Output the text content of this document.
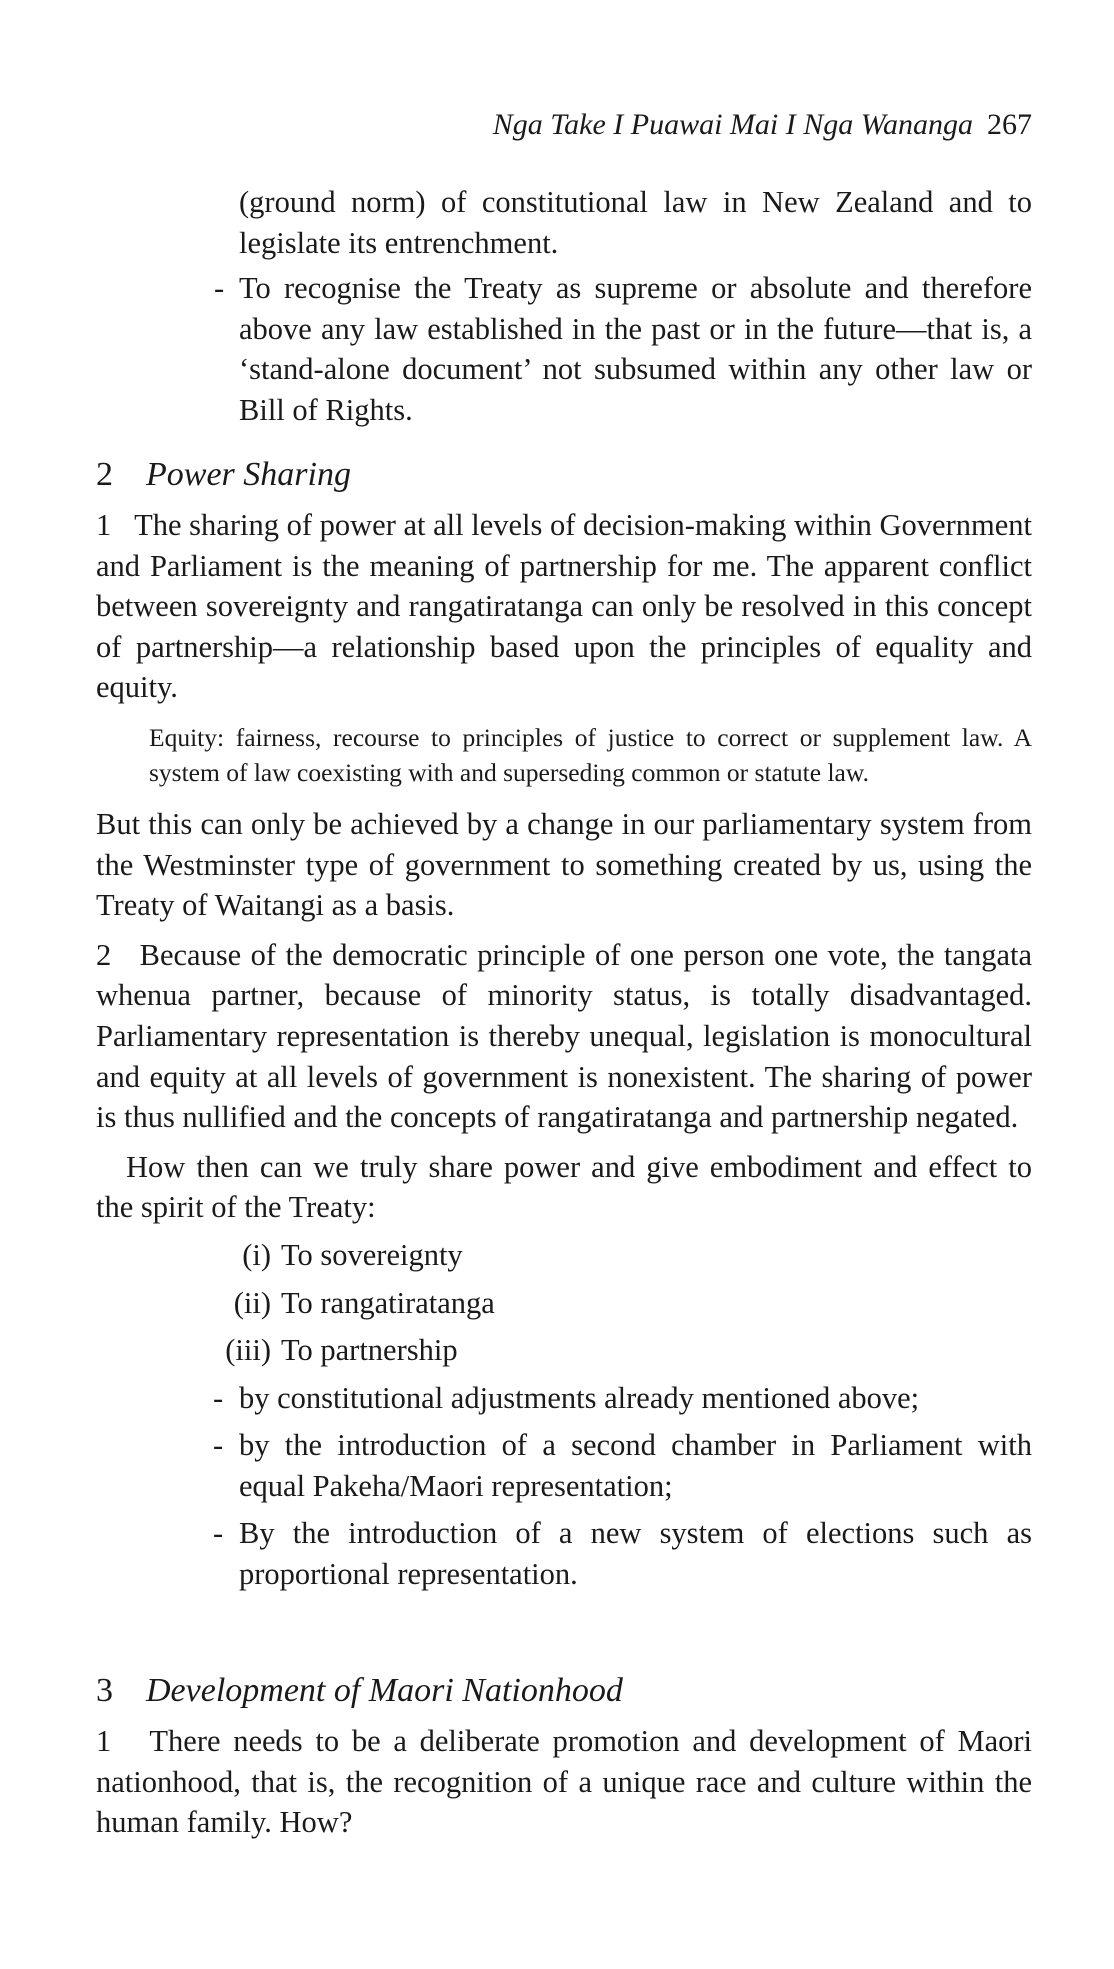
Nga Take I Puawai Mai I Nga Wananga 267

(ground norm) of constitutional law in New Zealand and to legislate its entrenchment.

- To recognise the Treaty as supreme or absolute and therefore above any law established in the past or in the future—that is, a ‘stand-alone document’ not subsumed within any other law or Bill of Rights.

2 Power Sharing

1 The sharing of power at all levels of decision-making within Government and Parliament is the meaning of partnership for me. The apparent conflict between sovereignty and rangatiratanga can only be resolved in this concept of partnership—a relationship based upon the principles of equality and equity.

Equity: fairness, recourse to principles of justice to correct or supplement law. A system of law coexisting with and superseding common or statute law.

But this can only be achieved by a change in our parliamentary system from the Westminster type of government to something created by us, using the Treaty of Waitangi as a basis.

2 Because of the democratic principle of one person one vote, the tangata whenua partner, because of minority status, is totally disadvantaged. Parliamentary representation is thereby unequal, legislation is monocultural and equity at all levels of government is nonexistent. The sharing of power is thus nullified and the concepts of rangatiratanga and partnership negated.

How then can we truly share power and give embodiment and effect to the spirit of the Treaty:

(i) To sovereignty

(ii) To rangatiratanga

(iii) To partnership

- by constitutional adjustments already mentioned above;

- by the introduction of a second chamber in Parliament with equal Pakeha/Maori representation;

- By the introduction of a new system of elections such as proportional representation.

3 Development of Maori Nationhood

1 There needs to be a deliberate promotion and development of Maori nationhood, that is, the recognition of a unique race and culture within the human family. How?
